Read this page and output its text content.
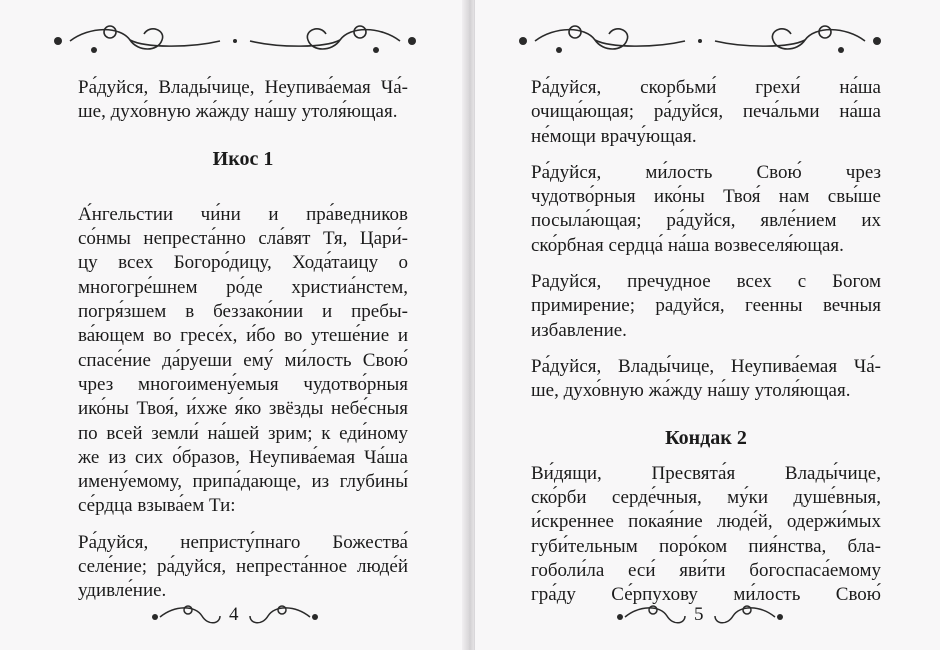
Ра́дуйся, Влады́чице, Неупива́емая Ча́-
ше, духо́вную жа́жду на́шу утоля́ющая.

Икос 1

А́нгельстии чи́ни и пра́ведников
со́нмы непреста́нно сла́вят Тя, Цари́-
цу всех Богоро́дицу, Хода́таицу о
многогре́шнем ро́де христиа́нстем,
погря́зшем в беззако́нии и пребы-
ва́ющем во гресе́х, и́бо во утеше́ние и
спасе́ние да́руеши ему́ ми́лость Свою́
чрез многоимену́емыя чудотво́рныя
ико́ны Твоя́, и́хже я́ко звёзды небе́сныя
по всей земли́ на́шей зрим; к еди́ному
же из сих о́бразов, Неупива́емая Ча́ша
имену́емому, припа́дающе, из глубины́
се́рдца взыва́ем Ти:
Ра́дуйся, непристу́пнаго Божества́
селе́ние; ра́дуйся, непреста́нное люде́й
удивле́ние.
4
Ра́дуйся, скорбьми́ грехи́ на́ша
очища́ющая; ра́дуйся, печа́льми на́ша
не́мощи врачу́ющая.
Ра́дуйся, ми́лость Свою́ чрез
чудотво́рныя ико́ны Твоя́ нам свы́ше
посыла́ющая; ра́дуйся, явле́нием их
ско́рбная сердца́ на́ша возвеселя́ющая.
Радуйся, пречудное всех с Богом
примирение; радуйся, геенны вечныя
избавление.
Ра́дуйся, Влады́чице, Неупива́емая Ча́-
ше, духо́вную жа́жду на́шу утоля́ющая.

Кондак 2

Ви́дящи, Пресвята́я Влады́чице,
ско́рби серде́чныя, му́ки душе́вныя,
и́скреннее покая́ние люде́й, одержи́мых
губи́тельным поро́ком пия́нства, бла-
гоболи́ла еси́ яви́ти богоспаса́емому
гра́ду Се́рпухову ми́лость Свою́
5
